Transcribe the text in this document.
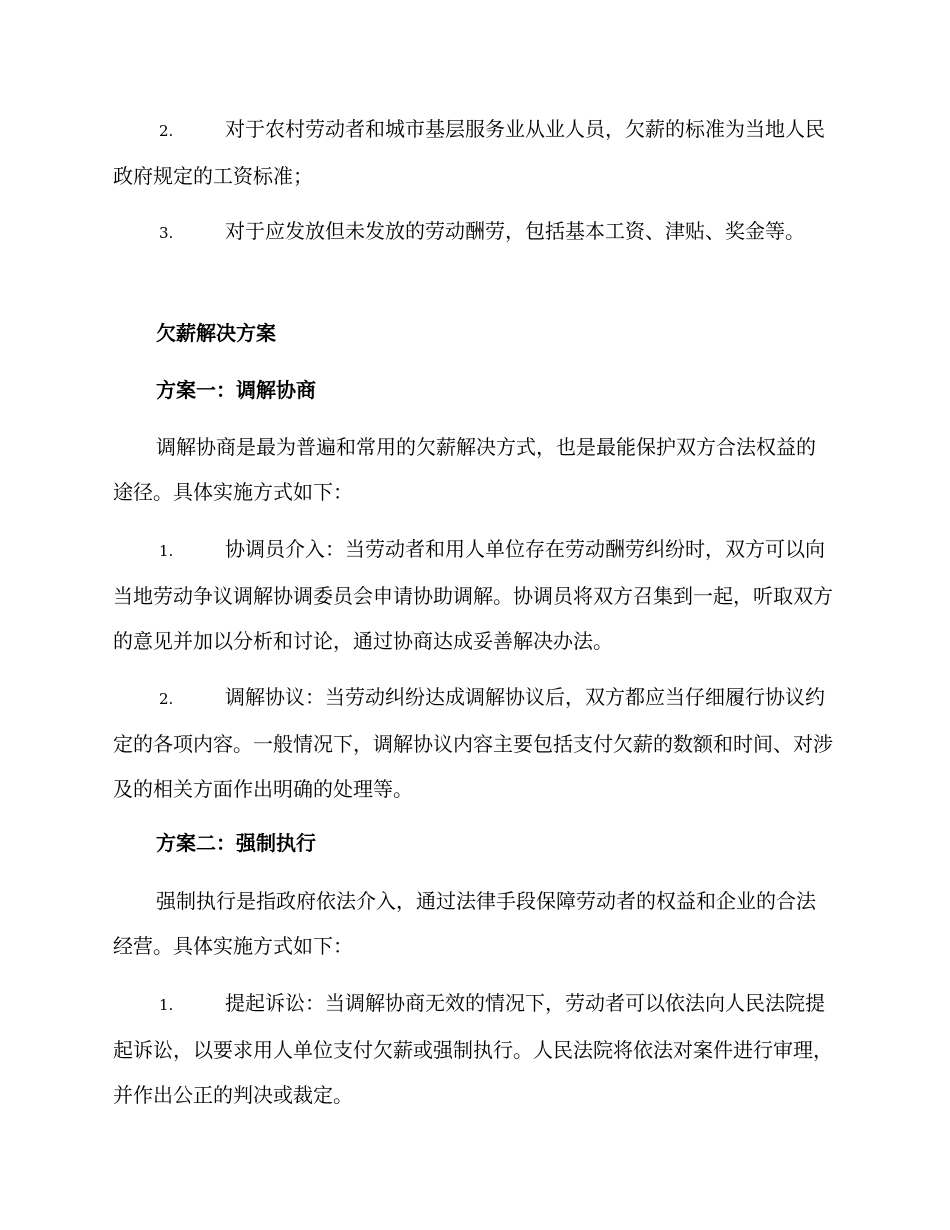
2.	对于农村劳动者和城市基层服务业从业人员，欠薪的标准为当地人民政府规定的工资标准；

3.	对于应发放但未发放的劳动酬劳，包括基本工资、津贴、奖金等。

欠薪解决方案

方案一：调解协商

调解协商是最为普遍和常用的欠薪解决方式，也是最能保护双方合法权益的途径。具体实施方式如下：

1.	协调员介入：当劳动者和用人单位存在劳动酬劳纠纷时，双方可以向当地劳动争议调解协调委员会申请协助调解。协调员将双方召集到一起，听取双方的意见并加以分析和讨论，通过协商达成妥善解决办法。

2.	调解协议：当劳动纠纷达成调解协议后，双方都应当仔细履行协议约定的各项内容。一般情况下，调解协议内容主要包括支付欠薪的数额和时间、对涉及的相关方面作出明确的处理等。

方案二：强制执行

强制执行是指政府依法介入，通过法律手段保障劳动者的权益和企业的合法经营。具体实施方式如下：

1.	提起诉讼：当调解协商无效的情况下，劳动者可以依法向人民法院提起诉讼，以要求用人单位支付欠薪或强制执行。人民法院将依法对案件进行审理，并作出公正的判决或裁定。
